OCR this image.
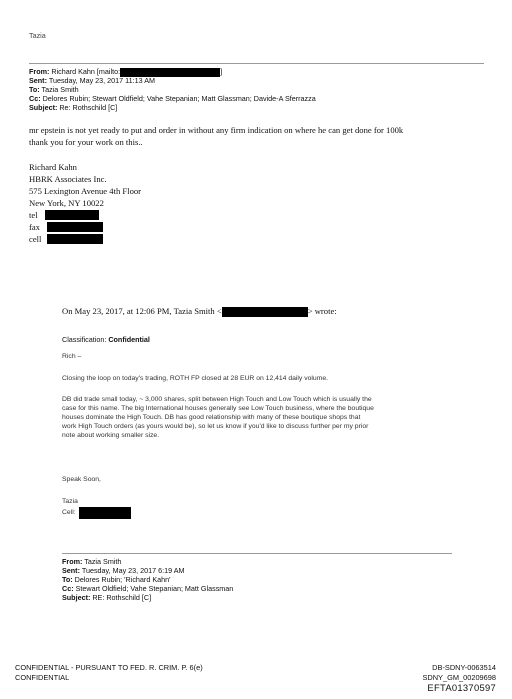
Tazia
From: Richard Kahn [mailto:	]
Sent: Tuesday, May 23, 2017 11:13 AM
To: Tazia Smith
Cc: Delores Rubin; Stewart Oldfield; Vahe Stepanian; Matt Glassman; Davide-A Sferrazza
Subject: Re: Rothschild [C]
mr epstein is not yet ready to put and order in without any firm indication on where he can get done for 100k
thank you for your work on this..
Richard Kahn
HBRK Associates Inc.
575 Lexington Avenue 4th Floor
New York, NY 10022
tel
fax
cell
On May 23, 2017, at 12:06 PM, Tazia Smith <	> wrote:
Classification: Confidential
Rich –
Closing the loop on today's trading, ROTH FP closed at 28 EUR on 12,414 daily volume.
DB did trade small today, ~ 3,000 shares, split between High Touch and Low Touch which is usually the
case for this name. The big International houses generally see Low Touch business, where the boutique
houses dominate the High Touch. DB has good relationship with many of these boutique shops that
work High Touch orders (as yours would be), so let us know if you'd like to discuss further per my prior
note about working smaller size.
Speak Soon,
Tazia
Cell:
From: Tazia Smith
Sent: Tuesday, May 23, 2017 6:19 AM
To: Delores Rubin; 'Richard Kahn'
Cc: Stewart Oldfield; Vahe Stepanian; Matt Glassman
Subject: RE: Rothschild [C]
CONFIDENTIAL - PURSUANT TO FED. R. CRIM. P. 6(e)
CONFIDENTIAL
DB-SDNY-0063514
SDNY_GM_00209698
EFTA01370597
